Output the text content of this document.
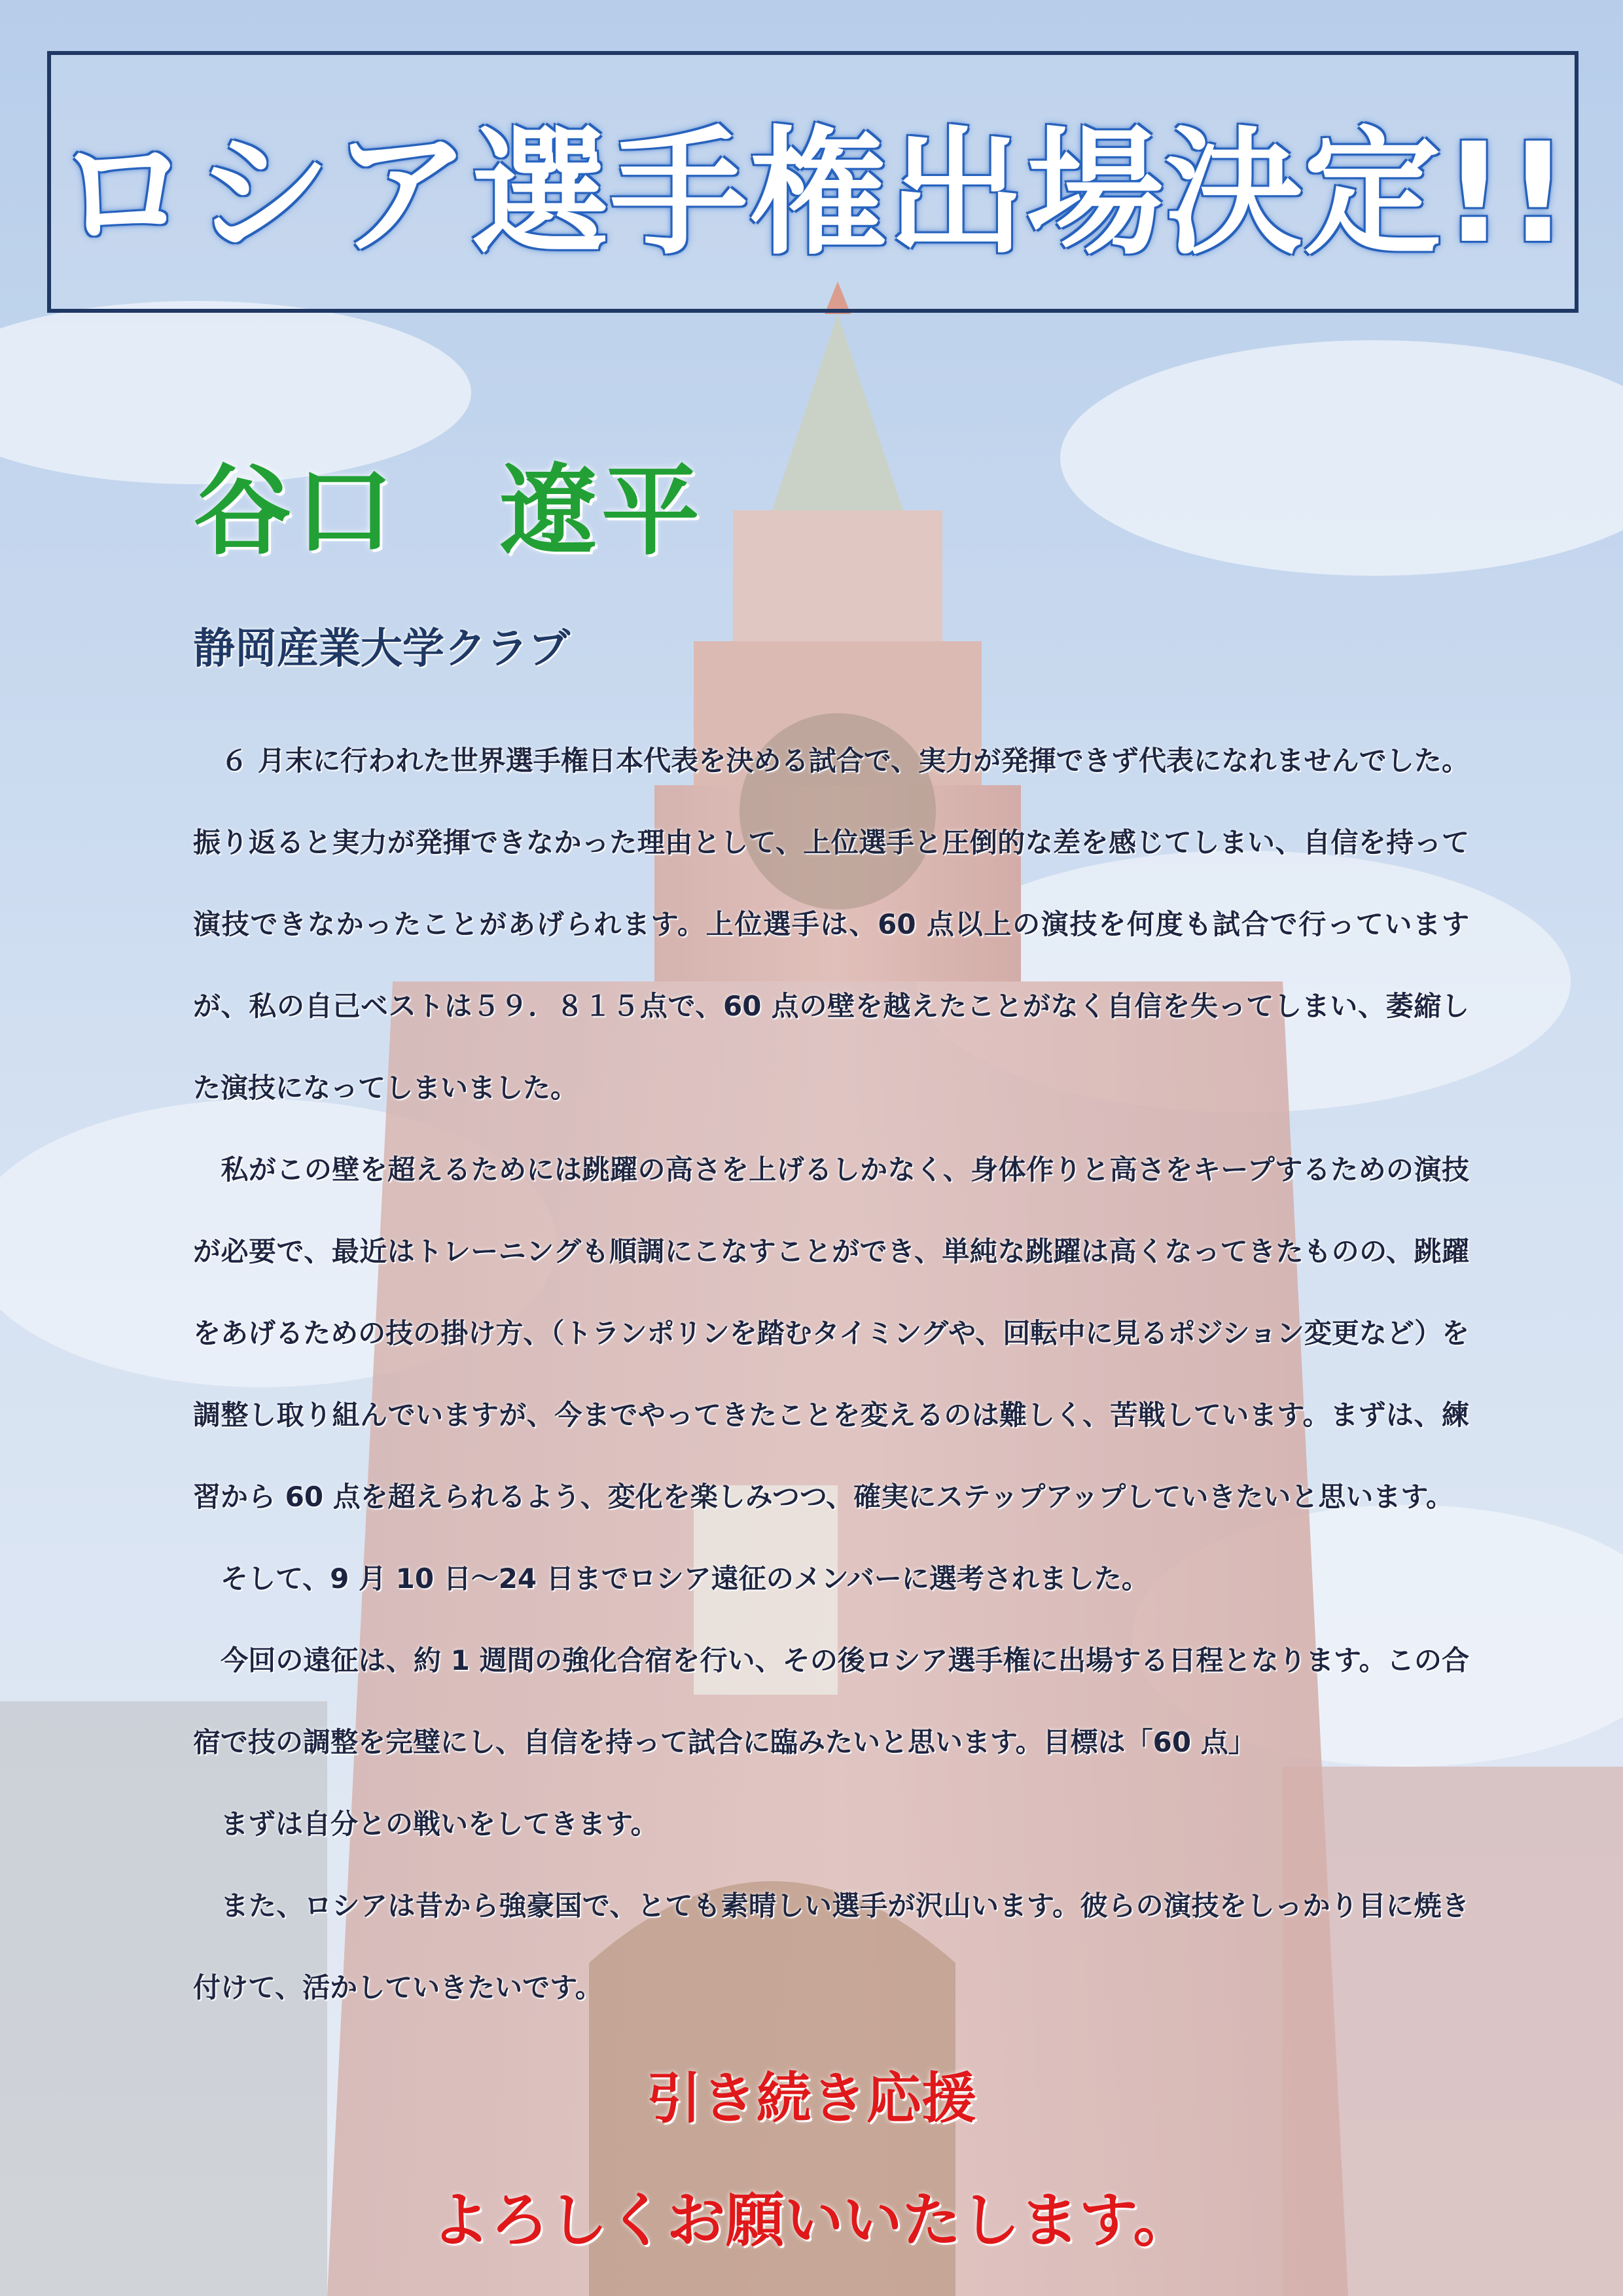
ロシア選手権出場決定!!
谷口　遼平
静岡産業大学クラブ

　６ 月末に行われた世界選手権日本代表を決める試合で、実力が発揮できず代表になれませんでした。振り返ると実力が発揮できなかった理由として、上位選手と圧倒的な差を感じてしまい、自信を持って演技できなかったことがあげられます。上位選手は、60 点以上の演技を何度も試合で行っていますが、私の自己ベストは５９．８１５点で、60 点の壁を越えたことがなく自信を失ってしまい、萎縮した演技になってしまいました。

　私がこの壁を超えるためには跳躍の高さを上げるしかなく、身体作りと高さをキープするための演技が必要で、最近はトレーニングも順調にこなすことができ、単純な跳躍は高くなってきたものの、跳躍をあげるための技の掛け方、（トランポリンを踏むタイミングや、回転中に見るポジション変更など）を調整し取り組んでいますが、今までやってきたことを変えるのは難しく、苦戦しています。まずは、練習から 60 点を超えられるよう、変化を楽しみつつ、確実にステップアップしていきたいと思います。

　そして、9 月 10 日～24 日までロシア遠征のメンバーに選考されました。

　今回の遠征は、約 1 週間の強化合宿を行い、その後ロシア選手権に出場する日程となります。この合宿で技の調整を完璧にし、自信を持って試合に臨みたいと思います。目標は「60 点」

　まずは自分との戦いをしてきます。

　また、ロシアは昔から強豪国で、とても素晴しい選手が沢山います。彼らの演技をしっかり目に焼き付けて、活かしていきたいです。

引き続き応援
よろしくお願いいたします。
